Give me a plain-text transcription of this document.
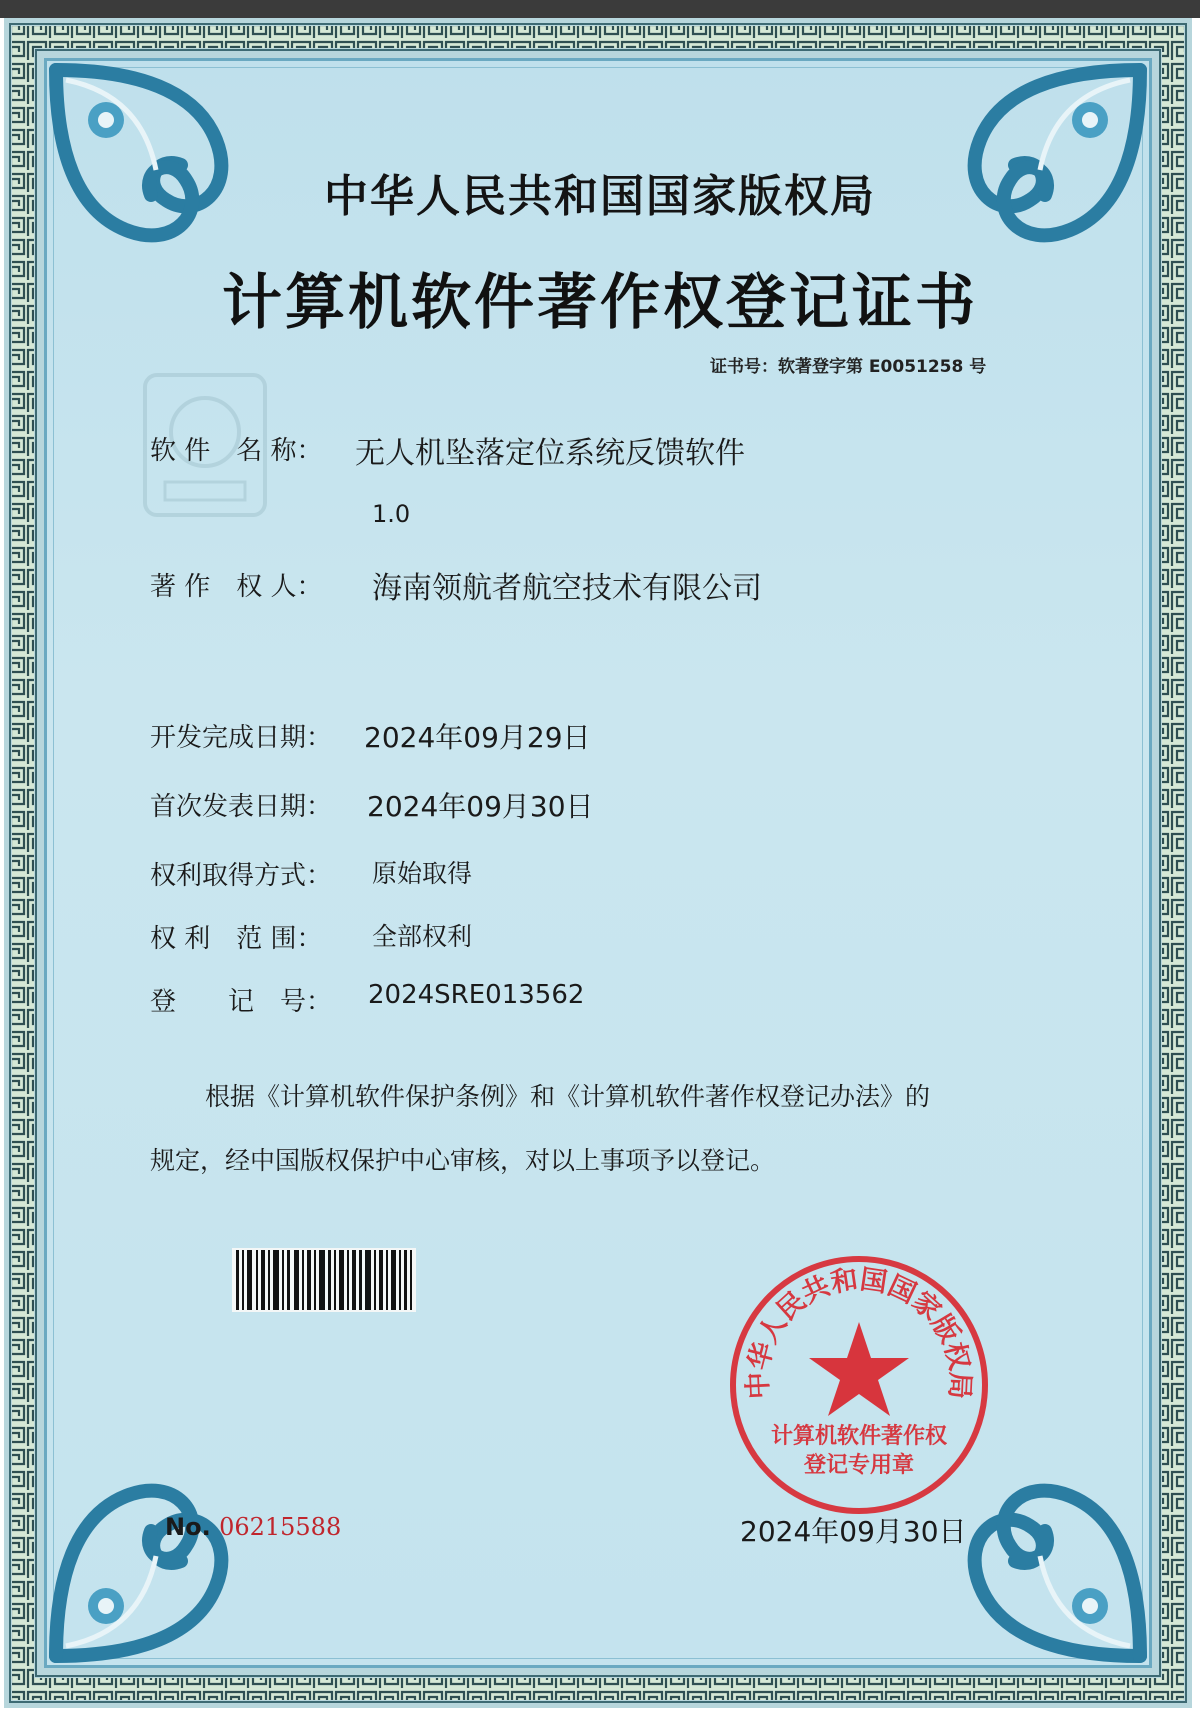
中华人民共和国国家版权局
计算机软件著作权登记证书
证书号：软著登字第 E0051258 号
软 件　名 称： 无人机坠落定位系统反馈软件
1.0
著 作　权 人： 海南领航者航空技术有限公司
开发完成日期： 2024年09月29日
首次发表日期： 2024年09月30日
权利取得方式： 原始取得
权 利　范 围： 全部权利
登　　记　号： 2024SRE013562
根据《计算机软件保护条例》和《计算机软件著作权登记办法》的
规定，经中国版权保护中心审核，对以上事项予以登记。
中华人民共和国国家版权局
计算机软件著作权
登记专用章
No. 06215588	2024年09月30日
